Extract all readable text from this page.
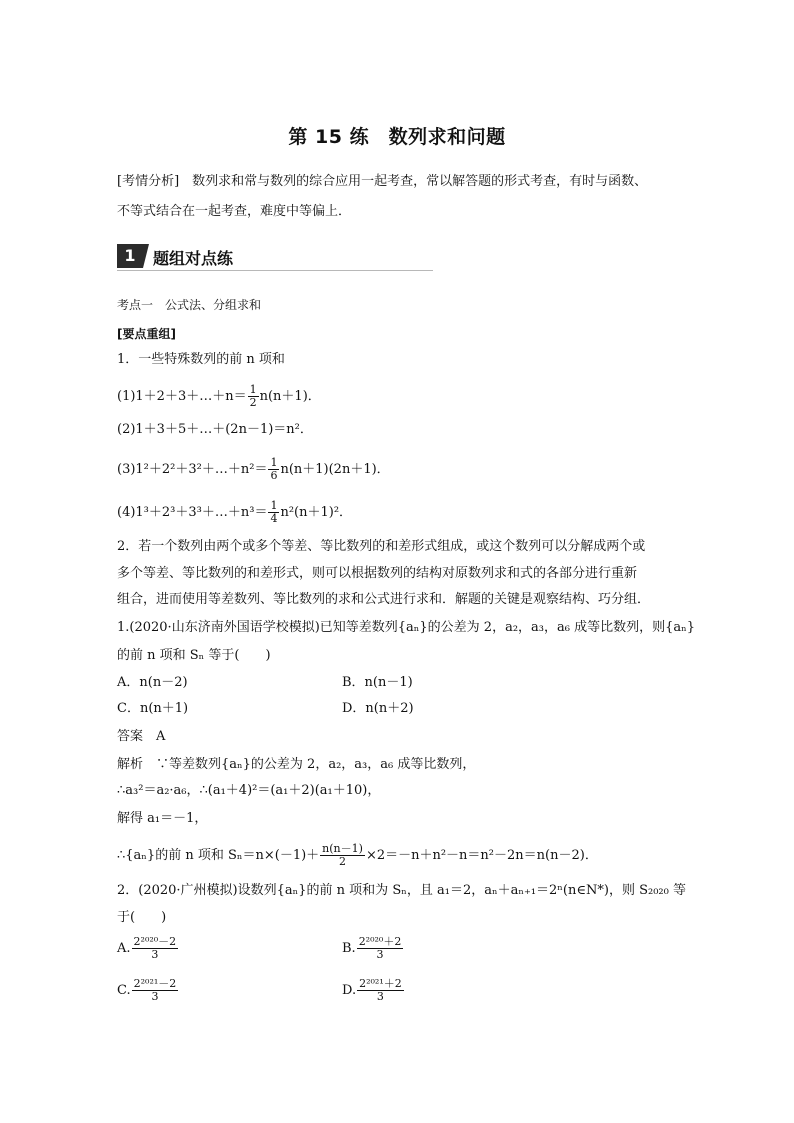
第 15 练　数列求和问题
[考情分析]　数列求和常与数列的综合应用一起考查，常以解答题的形式考查，有时与函数、
不等式结合在一起考查，难度中等偏上．
1	题组对点练
考点一　公式法、分组求和
[要点重组]
1．一些特殊数列的前 n 项和
(1)1＋2＋3＋…＋n＝ $\frac{1}{2} n(n+1)$．
(2)1＋3＋5＋…＋(2n－1)＝n²．
(3)1²＋2²＋3²＋…＋n²＝ $\frac{1}{6} n(n+1)(2n+1)$．
(4)1³＋2³＋3³＋…＋n³＝ $\frac{1}{4} n^2(n+1)^2$．
2．若一个数列由两个或多个等差、等比数列的和差形式组成，或这个数列可以分解成两个或
多个等差、等比数列的和差形式，则可以根据数列的结构对原数列求和式的各部分进行重新
组合，进而使用等差数列、等比数列的求和公式进行求和．解题的关键是观察结构、巧分组．
1.(2020·山东济南外国语学校模拟)已知等差数列{aₙ}的公差为 2，a₂，a₃，a₆ 成等比数列，则{aₙ}
的前 n 项和 Sₙ 等于(　　)
A．n(n－2)	B．n(n－1)
C．n(n＋1)	D．n(n＋2)
答案　A
解析　∵等差数列{aₙ}的公差为 2，a₂，a₃，a₆ 成等比数列，
∴a₃²＝a₂·a₆，∴(a₁＋4)²＝(a₁＋2)(a₁＋10)，
解得 a₁＝－1，
∴{aₙ}的前 n 项和 $S_n=n\times(-1)+ \frac{n(n-1)}{2} \times 2=-n+n^2-n=n^2-2n=n(n-2)$．
2．(2020·广州模拟)设数列{aₙ}的前 n 项和为 Sₙ，且 a₁＝2，aₙ＋aₙ₊₁＝2ⁿ(n∈N*)，则 S₂₀₂₀ 等
于(　　)
A. $\frac{\text{2²⁰²⁰－2}}{3}$	B. $\frac{\text{2²⁰²⁰＋2}}{3}$
C. $\frac{\text{2²⁰²¹－2}}{3}$	D. $\frac{\text{2²⁰²¹＋2}}{3}$
